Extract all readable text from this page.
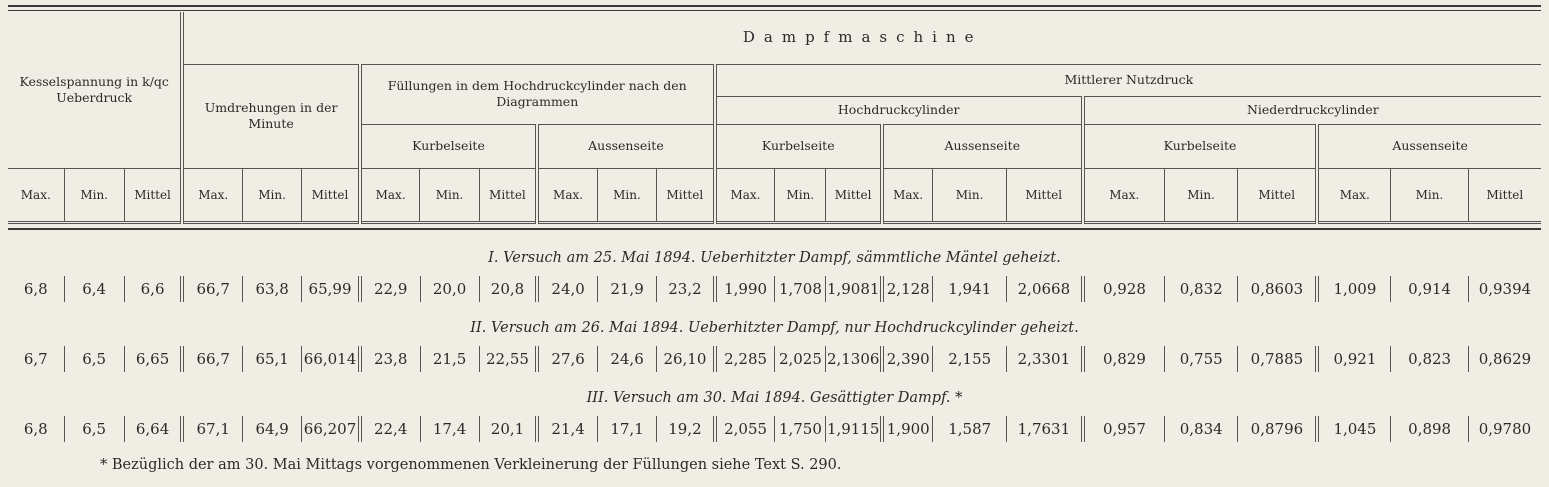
Kesselspannung in k/qc Ueberdruck			Dampfmaschine																				
			Umdrehungen in der Minute			Füllungen in dem Hochdruckcylinder nach den Diagrammen						Mittlerer Nutzdruck											
												Hochdruckcylinder						Niederdruckcylinder					
						Kurbelseite			Aussenseite			Kurbelseite			Aussenseite			Kurbelseite			Aussenseite		
Max.	Min.	Mittel	Max.	Min.	Mittel	Max.	Min.	Mittel	Max.	Min.	Mittel	Max.	Min.	Mittel	Max.	Min.	Mittel	Max.	Min.	Mittel	Max.	Min.	Mittel
I. Versuch am 25. Mai 1894. Ueberhitzter Dampf, sämmtliche Mäntel geheizt.
6,8	6,4	6,6	66,7	63,8	65,99	22,9	20,0	20,8	24,0	21,9	23,2	1,990	1,708	1,9081	2,128	1,941	2,0668	0,928	0,832	0,8603	1,009	0,914	0,9394
II. Versuch am 26. Mai 1894. Ueberhitzter Dampf, nur Hochdruckcylinder geheizt.
6,7	6,5	6,65	66,7	65,1	66,014	23,8	21,5	22,55	27,6	24,6	26,10	2,285	2,025	2,1306	2,390	2,155	2,3301	0,829	0,755	0,7885	0,921	0,823	0,8629
III. Versuch am 30. Mai 1894. Gesättigter Dampf. *
6,8	6,5	6,64	67,1	64,9	66,207	22,4	17,4	20,1	21,4	17,1	19,2	2,055	1,750	1,9115	1,900	1,587	1,7631	0,957	0,834	0,8796	1,045	0,898	0,9780
* Bezüglich der am 30. Mai Mittags vorgenommenen Verkleinerung der Füllungen siehe Text S. 290.
